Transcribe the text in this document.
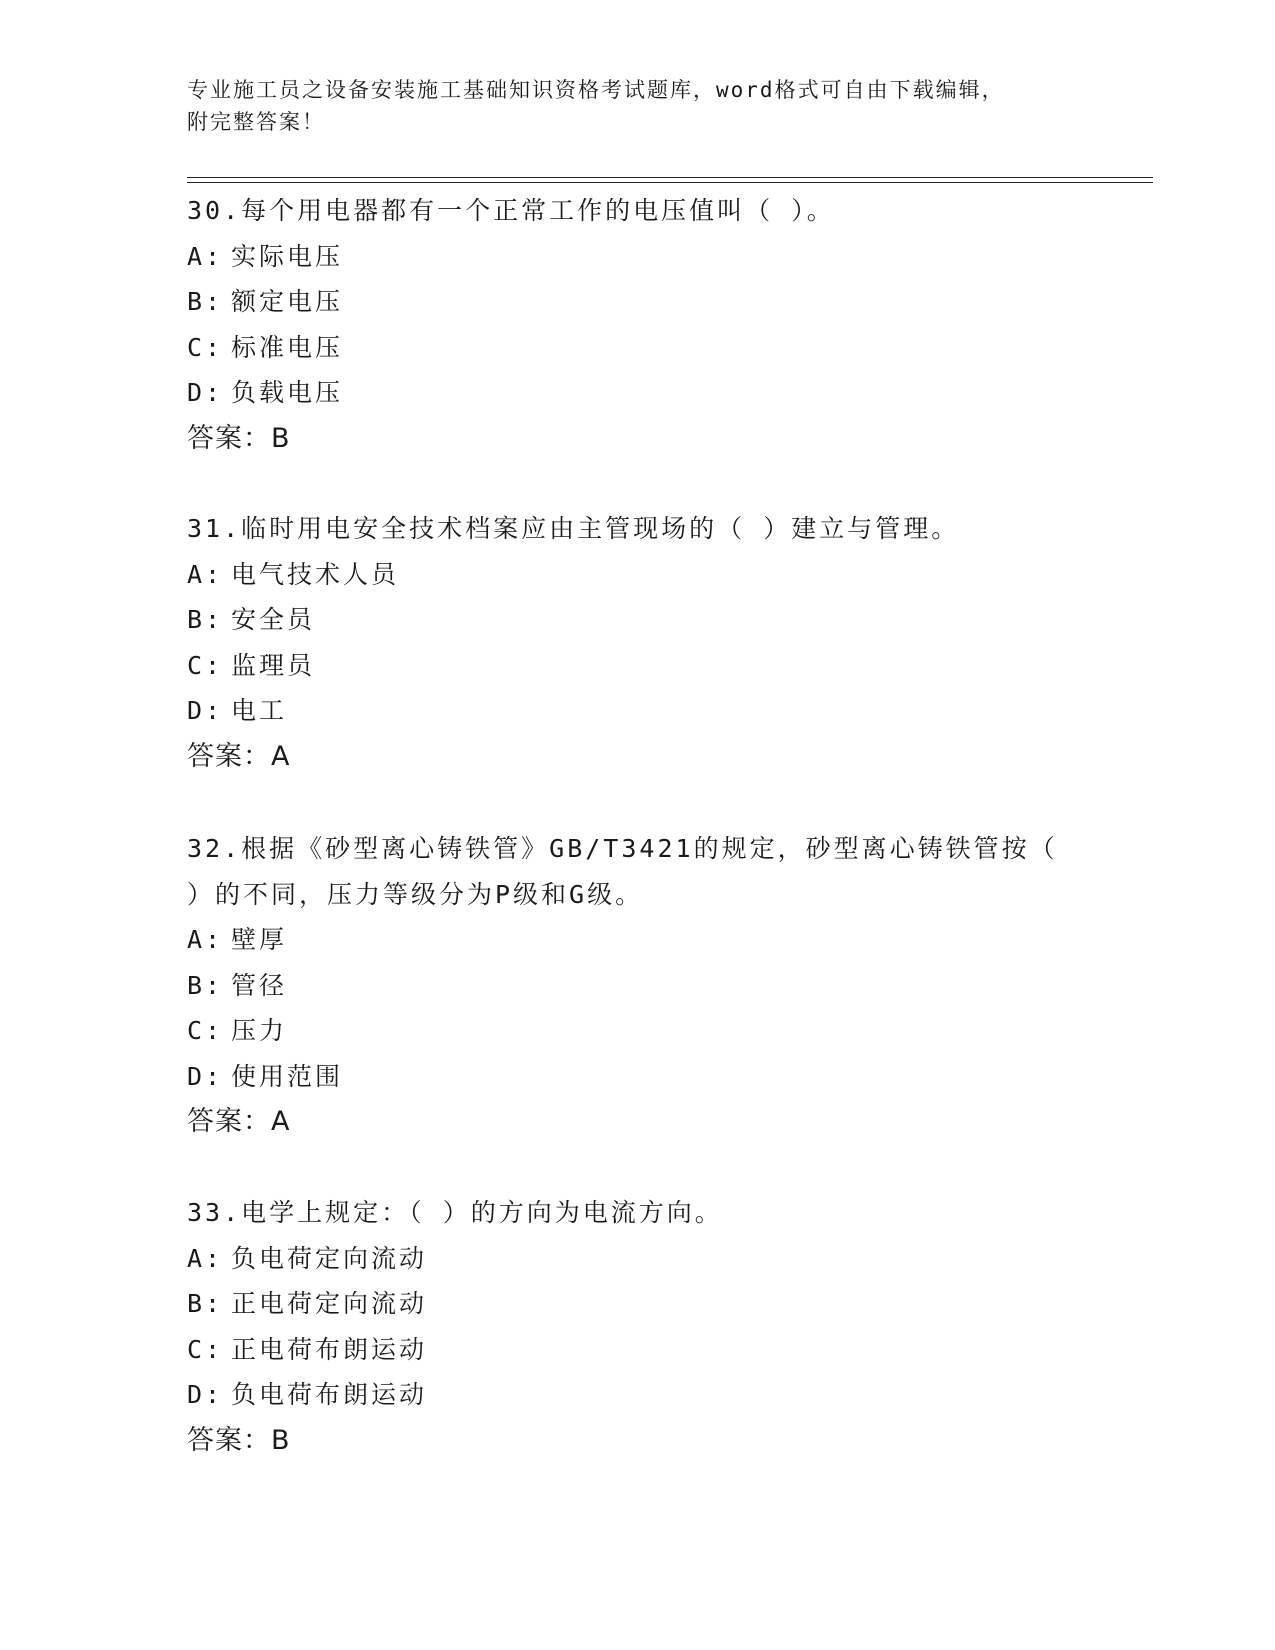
专业施工员之设备安装施工基础知识资格考试题库，word格式可自由下载编辑，
附完整答案！
30.每个用电器都有一个正常工作的电压值叫（ ）。
A: 实际电压
B: 额定电压
C: 标准电压
D: 负载电压
答案：B
31.临时用电安全技术档案应由主管现场的（ ）建立与管理。
A: 电气技术人员
B: 安全员
C: 监理员
D: 电工
答案：A
32.根据《砂型离心铸铁管》GB/T3421的规定，砂型离心铸铁管按（
）的不同，压力等级分为P级和G级。
A: 壁厚
B: 管径
C: 压力
D: 使用范围
答案：A
33.电学上规定：（ ）的方向为电流方向。
A: 负电荷定向流动
B: 正电荷定向流动
C: 正电荷布朗运动
D: 负电荷布朗运动
答案：B
